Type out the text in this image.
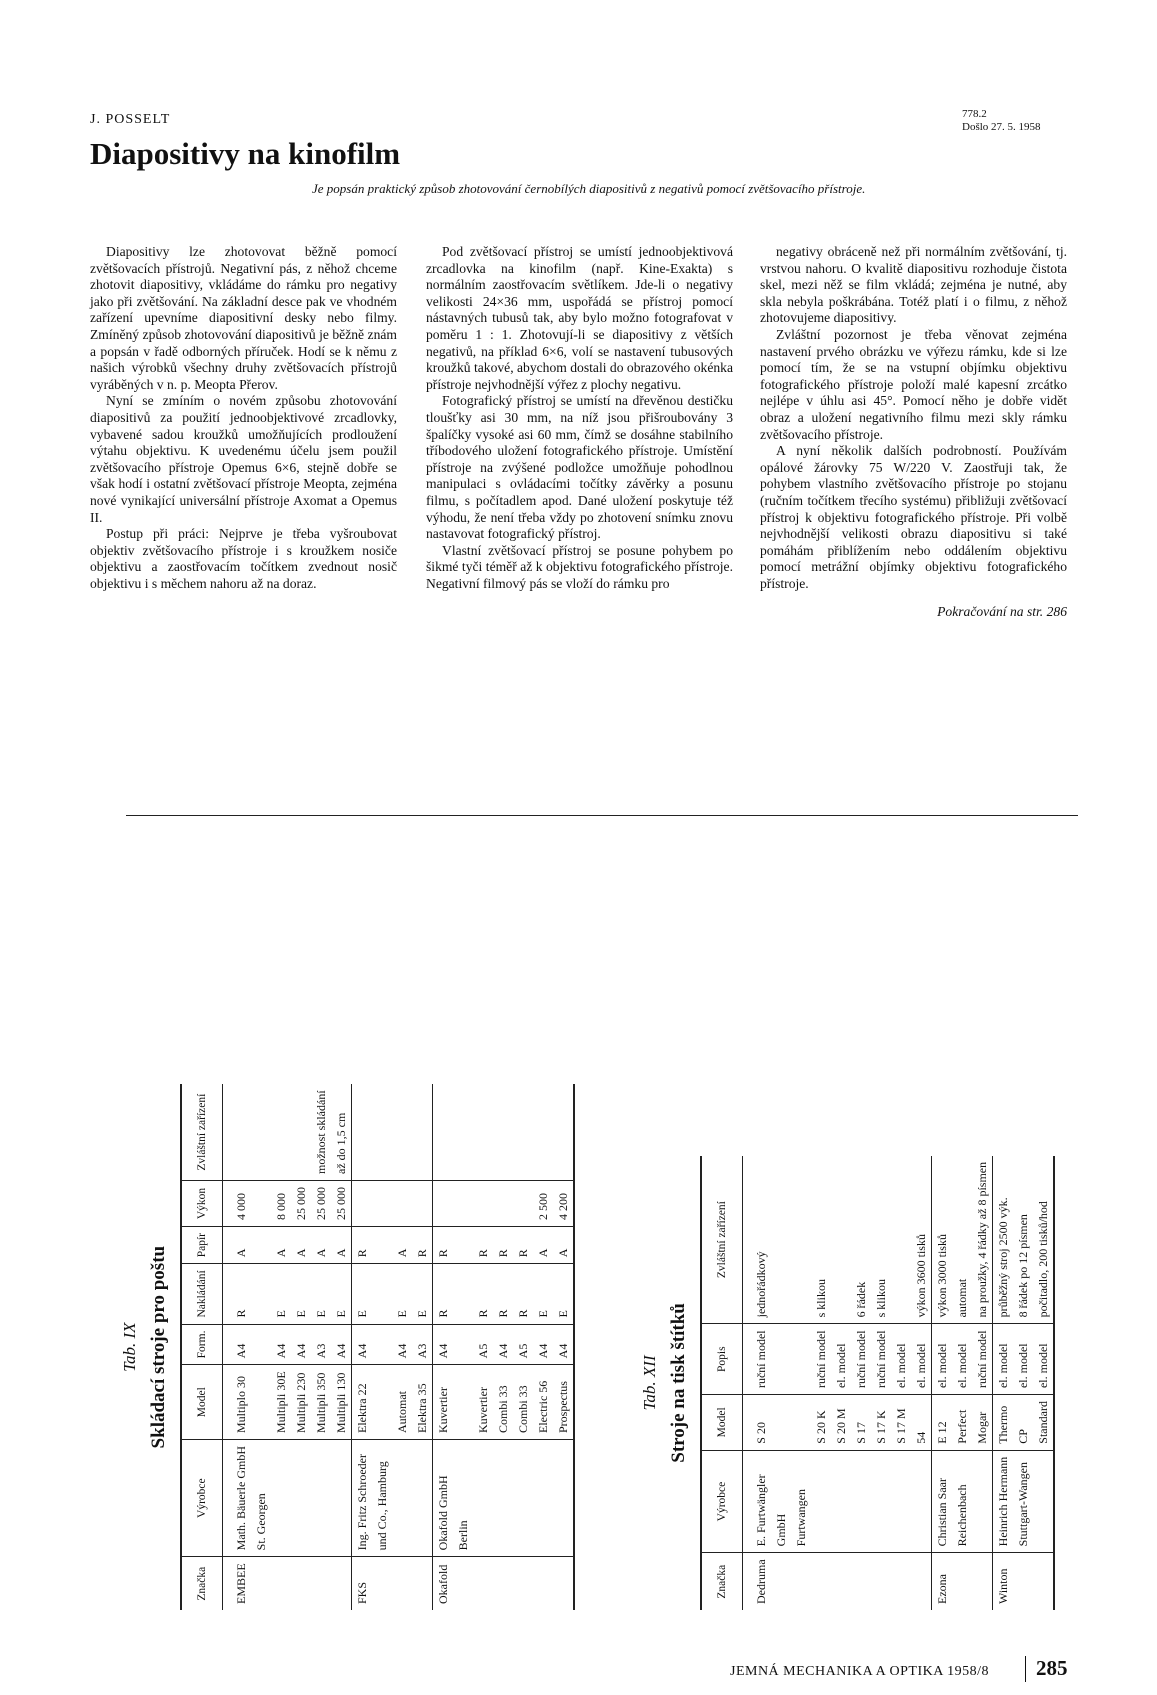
J. POSSELT
Diapositivy na kinofilm
778.2
Došlo 27. 5. 1958
Je popsán praktický způsob zhotovování černobílých diapositivů z negativů pomocí zvětšovacího přístroje.

Diapositivy lze zhotovovat běžně pomocí zvětšovacích přístrojů. Negativní pás, z něhož chceme zhotovit diapositivy, vkládáme do rámku pro negativy jako při zvětšování. Na základní desce pak ve vhodném zařízení upevníme diapositivní desky nebo filmy. Zmíněný způsob zhotovování diapositivů je běžně znám a popsán v řadě odborných příruček. Hodí se k němu z našich výrobků všechny druhy zvětšovacích přístrojů vyráběných v n. p. Meopta Přerov.

Nyní se zmíním o novém způsobu zhotovování diapositivů za použití jednoobjektivové zrcadlovky, vybavené sadou kroužků umožňujících prodloužení výtahu objektivu. K uvedenému účelu jsem použil zvětšovacího přístroje Opemus 6×6, stejně dobře se však hodí i ostatní zvětšovací přístroje Meopta, zejména nové vynikající universální přístroje Axomat a Opemus II.

Postup při práci: Nejprve je třeba vyšroubovat objektiv zvětšovacího přístroje i s kroužkem nosiče objektivu a zaostřovacím točítkem zvednout nosič objektivu i s měchem nahoru až na doraz.

Pod zvětšovací přístroj se umístí jednoobjektivová zrcadlovka na kinofilm (např. Kine-Exakta) s normálním zaostřovacím světlíkem. Jde-li o negativy velikosti 24×36 mm, uspořádá se přístroj pomocí nástavných tubusů tak, aby bylo možno fotografovat v poměru 1 : 1. Zhotovují-li se diapositivy z větších negativů, na příklad 6×6, volí se nastavení tubusových kroužků takové, abychom dostali do obrazového okénka přístroje nejvhodnější výřez z plochy negativu.

Fotografický přístroj se umístí na dřevěnou destičku tloušťky asi 30 mm, na níž jsou přišroubovány 3 špalíčky vysoké asi 60 mm, čímž se dosáhne stabilního tříbodového uložení fotografického přístroje. Umístění přístroje na zvýšené podložce umožňuje pohodlnou manipulaci s ovládacími točítky závěrky a posunu filmu, s počítadlem apod. Dané uložení poskytuje též výhodu, že není třeba vždy po zhotovení snímku znovu nastavovat fotografický přístroj.

Vlastní zvětšovací přístroj se posune pohybem po šikmé tyči téměř až k objektivu fotografického přístroje. Negativní filmový pás se vloží do rámku pro

negativy obráceně než při normálním zvětšování, tj. vrstvou nahoru. O kvalitě diapositivu rozhoduje čistota skel, mezi něž se film vkládá; zejména je nutné, aby skla nebyla poškrábána. Totéž platí i o filmu, z něhož zhotovujeme diapositivy.

Zvláštní pozornost je třeba věnovat zejména nastavení prvého obrázku ve výřezu rámku, kde si lze pomocí tím, že se na vstupní objímku objektivu fotografického přístroje položí malé kapesní zrcátko nejlépe v úhlu asi 45°. Pomocí něho je dobře vidět obraz a uložení negativního filmu mezi skly rámku zvětšovacího přístroje.

A nyní několik dalších podrobností. Používám opálové žárovky 75 W/220 V. Zaostřuji tak, že pohybem vlastního zvětšovacího přístroje po stojanu (ručním točítkem třecího systému) přibližuji zvětšovací přístroj k objektivu fotografického přístroje. Při volbě nejvhodnější velikosti obrazu diapositivu si také pomáhám přiblížením nebo oddálením objektivu pomocí metrážní objímky objektivu fotografického přístroje.

Pokračování na str. 286
Tab. IX Skládací stroje pro poštu
Značka	Výrobce	Model	Form.	Nakládání	Papír	Výkon	Zvláštní zařízení
EMBEE	Math. Bäuerle GmbH	Multiplo 30	A4	R	A	4 000	
	St. Georgen						
		Multipli 30E	A4	E	A	8 000	
		Multipli 230	A4	E	A	25 000	
		Multipli 350	A3	E	A	25 000	možnost skládání
		Multipli 130	A4	E	A	25 000	až do 1,5 cm
FKS	Ing. Fritz Schroeder	Elektra 22	A4	E	R		
	und Co., Hamburg						
		Automat	A4	E	A		
		Elektra 35	A3	E	R		
Okafold	Okafold GmbH	Kuvertier	A4	R	R		
	Berlin						
		Kuvertier	A5	R	R		
		Combi 33	A4	R	R		
		Combi 33	A5	R	R		
		Electric 56	A4	E	A	2 500	
		Prospectus	A4	E	A	4 200	
Tab. XII Stroje na tisk štítků
Značka	Výrobce	Model	Popis	Zvláštní zařízení
Dedruma	E. Furtwängler	S 20	ruční model	jednořádkový
	GmbH			
	Furtwangen			
		S 20 K	ruční model	s klikou
		S 20 M	el. model	
		S 17	ruční model	6 řádek
		S 17 K	ruční model	s klikou
		S 17 M	el. model	
		54	el. model	výkon 3600 tisků
Ezona	Christian Saar	E 12	el. model	výkon 3000 tisků
	Reichenbach	Perfect	el. model	automat
		Mogar	ruční model	na proužky, 4 řádky až 8 písmen
Winton	Heinrich Hermann	Thermo	el. model	průběžný stroj 2500 výk.
	Stuttgart-Wangen	CP	el. model	8 řádek po 12 písmen
		Standard	el. model	počitadlo, 200 tisků/hod
JEMNÁ MECHANIKA A OPTIKA 1958/8 285
